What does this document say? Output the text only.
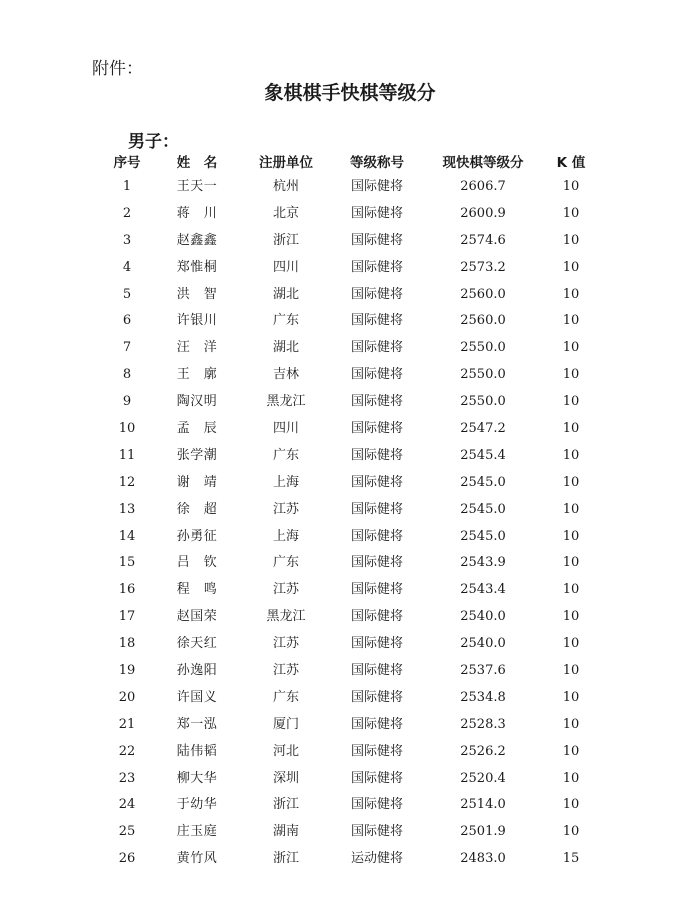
附件：
象棋棋手快棋等级分
男子：
序号	姓　名	注册单位	等级称号	现快棋等级分	K 值
1	王天一	杭州	国际健将	2606.7	10
2	蒋　川	北京	国际健将	2600.9	10
3	赵鑫鑫	浙江	国际健将	2574.6	10
4	郑惟桐	四川	国际健将	2573.2	10
5	洪　智	湖北	国际健将	2560.0	10
6	许银川	广东	国际健将	2560.0	10
7	汪　洋	湖北	国际健将	2550.0	10
8	王　廓	吉林	国际健将	2550.0	10
9	陶汉明	黑龙江	国际健将	2550.0	10
10	孟　辰	四川	国际健将	2547.2	10
11	张学潮	广东	国际健将	2545.4	10
12	谢　靖	上海	国际健将	2545.0	10
13	徐　超	江苏	国际健将	2545.0	10
14	孙勇征	上海	国际健将	2545.0	10
15	吕　钦	广东	国际健将	2543.9	10
16	程　鸣	江苏	国际健将	2543.4	10
17	赵国荣	黑龙江	国际健将	2540.0	10
18	徐天红	江苏	国际健将	2540.0	10
19	孙逸阳	江苏	国际健将	2537.6	10
20	许国义	广东	国际健将	2534.8	10
21	郑一泓	厦门	国际健将	2528.3	10
22	陆伟韬	河北	国际健将	2526.2	10
23	柳大华	深圳	国际健将	2520.4	10
24	于幼华	浙江	国际健将	2514.0	10
25	庄玉庭	湖南	国际健将	2501.9	10
26	黄竹风	浙江	运动健将	2483.0	15
